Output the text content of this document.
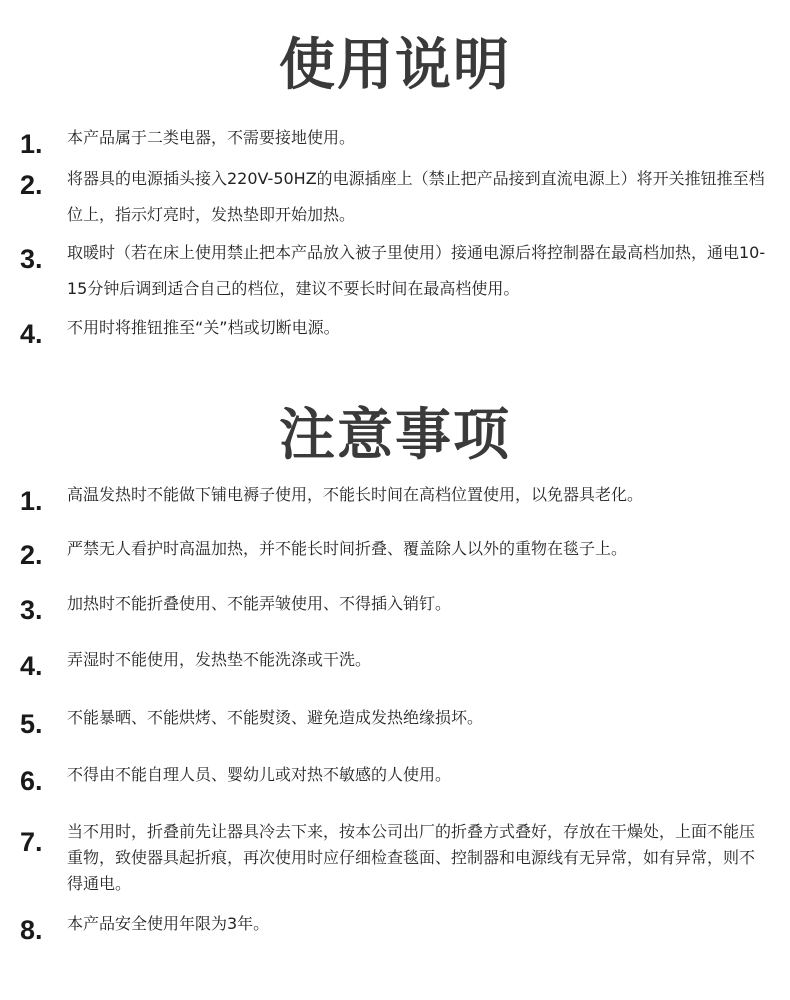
使用说明
1. 本产品属于二类电器，不需要接地使用。
2. 将器具的电源插头接入220V-50HZ的电源插座上（禁止把产品接到直流电源上）将开关推钮推至档位上，指示灯亮时，发热垫即开始加热。
3. 取暖时（若在床上使用禁止把本产品放入被子里使用）接通电源后将控制器在最高档加热，通电10-15分钟后调到适合自己的档位，建议不要长时间在最高档使用。
4. 不用时将推钮推至“关”档或切断电源。
注意事项
1. 高温发热时不能做下铺电褥子使用，不能长时间在高档位置使用，以免器具老化。
2. 严禁无人看护时高温加热，并不能长时间折叠、覆盖除人以外的重物在毯子上。
3. 加热时不能折叠使用、不能弄皱使用、不得插入销钉。
4. 弄湿时不能使用，发热垫不能洗涤或干洗。
5. 不能暴晒、不能烘烤、不能熨烫、避免造成发热绝缘损坏。
6. 不得由不能自理人员、婴幼儿或对热不敏感的人使用。
7. 当不用时，折叠前先让器具冷去下来，按本公司出厂的折叠方式叠好，存放在干燥处，上面不能压重物，致使器具起折痕，再次使用时应仔细检查毯面、控制器和电源线有无异常，如有异常，则不得通电。
8. 本产品安全使用年限为3年。
